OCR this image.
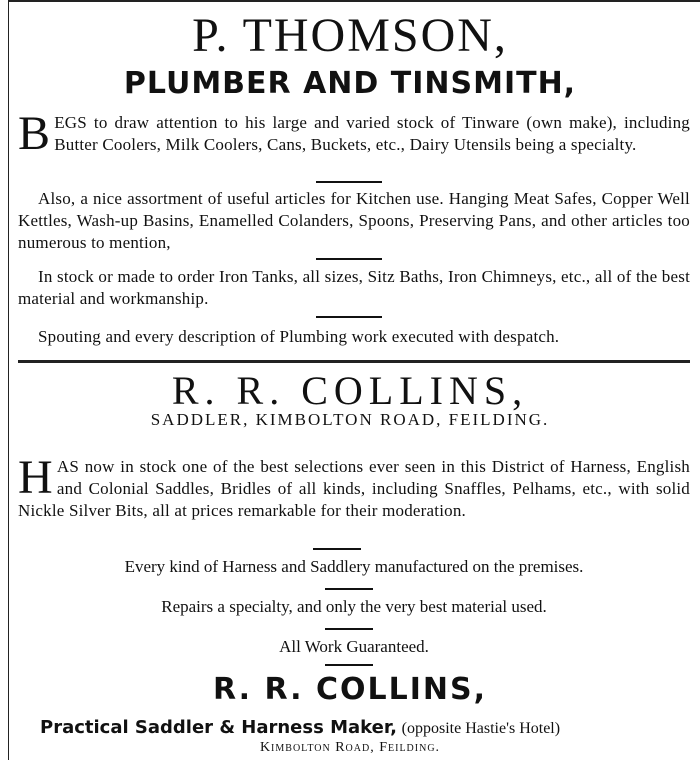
P. THOMSON,
PLUMBER AND TINSMITH,
BEGS to draw attention to his large and varied stock of Tinware (own make), including Butter Coolers, Milk Coolers, Cans, Buckets, etc., Dairy Utensils being a specialty.
Also, a nice assortment of useful articles for Kitchen use. Hanging Meat Safes, Copper Well Kettles, Wash-up Basins, Enamelled Colanders, Spoons, Preserving Pans, and other articles too numerous to mention,
In stock or made to order Iron Tanks, all sizes, Sitz Baths, Iron Chimneys, etc., all of the best material and workmanship.
Spouting and every description of Plumbing work executed with despatch.
R. R. COLLINS,
SADDLER, KIMBOLTON ROAD, FEILDING.
HAS now in stock one of the best selections ever seen in this District of Harness, English and Colonial Saddles, Bridles of all kinds, including Snaffles, Pelhams, etc., with solid Nickle Silver Bits, all at prices remarkable for their moderation.
Every kind of Harness and Saddlery manufactured on the premises.
Repairs a specialty, and only the very best material used.
All Work Guaranteed.
R. R. COLLINS,
Practical Saddler & Harness Maker, (opposite Hastie's Hotel)
Kimbolton Road, Feilding.
